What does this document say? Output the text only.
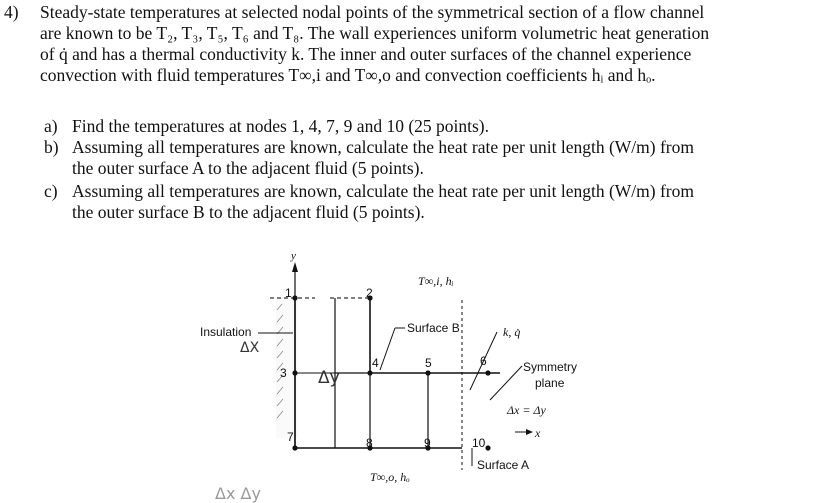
4) Steady-state temperatures at selected nodal points of the symmetrical section of a flow channel
are known to be T₂, T₃, T₅, T₆ and T₈. The wall experiences uniform volumetric heat generation
of q̇ and has a thermal conductivity k. The inner and outer surfaces of the channel experience
convection with fluid temperatures T∞,i and T∞,o and convection coefficients hᵢ and hₒ.
a) Find the temperatures at nodes 1, 4, 7, 9 and 10 (25 points).
b) Assuming all temperatures are known, calculate the heat rate per unit length (W/m) from
the outer surface A to the adjacent fluid (5 points).
c) Assuming all temperatures are known, calculate the heat rate per unit length (W/m) from
the outer surface B to the adjacent fluid (5 points).
y
Insulation
ΔX
Δy
T∞,i, hᵢ
Surface B	k, q̇
Symmetry
plane
Δx = Δy
x
Surface A
T∞,o, hₒ
Δx Δy
1	2
3
4	5	6
7	8	9	10
